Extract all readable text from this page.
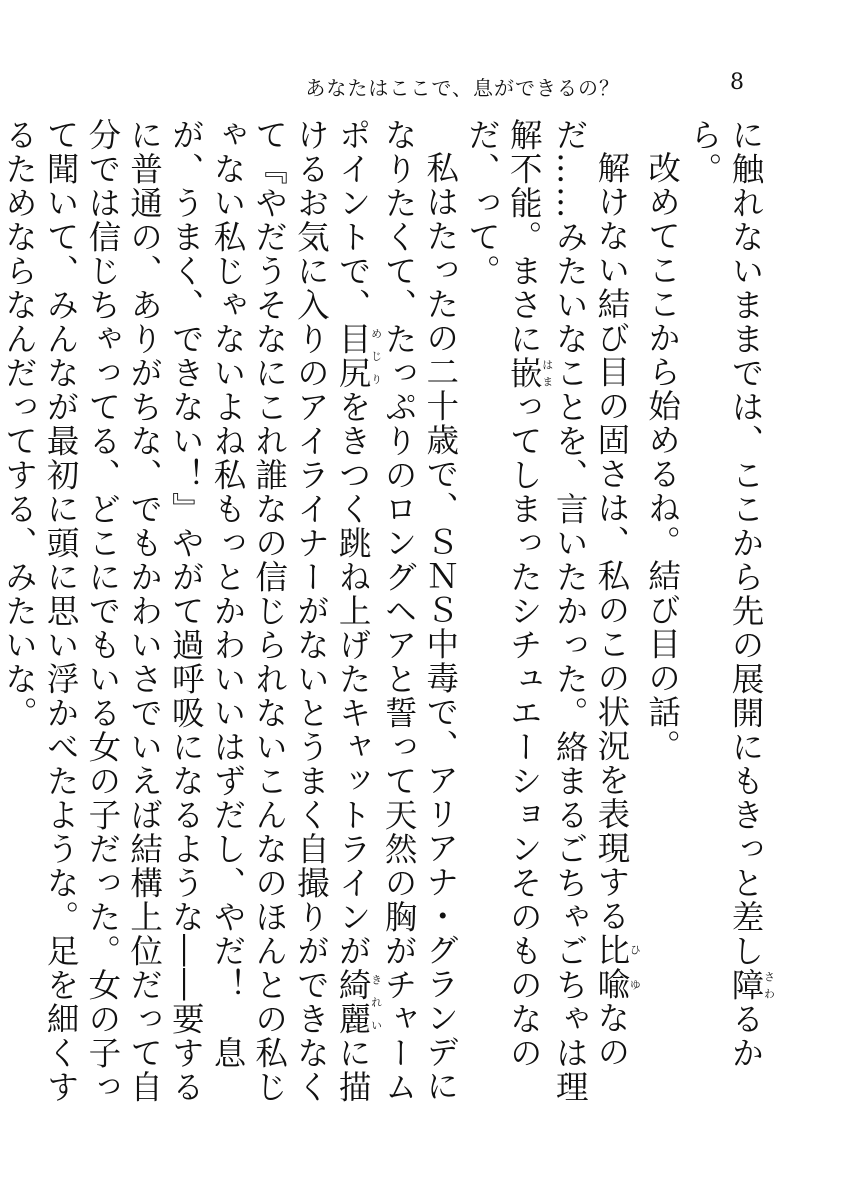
あなたはここで、息ができるの？	8

に触れないままでは、ここから先の展開にもきっと差し障さわるから。

改めてここから始めるね。結び目の話。

解けない結び目の固さは、私のこの状況を表現する比喩ひゆなのだ……みたいなことを、言いたかった。絡まるごちゃごちゃは理解不能。まさに嵌はまってしまったシチュエーションそのものなのだ、って。

私はたったの二十歳で、ＳＮＳ中毒で、アリアナ・グランデになりたくて、たっぷりのロングヘアと誓って天然の胸がチャームポイントで、目尻めじりをきつく跳ね上げたキャットラインが綺麗きれいに描けるお気に入りのアイライナーがないとうまく自撮りができなくて『やだうそなにこれ誰なの信じられないこんなのほんとの私じゃない私じゃないよね私もっとかわいいはずだし、やだ！　息が、うまく、できない！』やがて過呼吸になるような――要するに普通の、ありがちな、でもかわいさでいえば結構上位だって自分では信じちゃってる、どこにでもいる女の子だった。女の子って聞いて、みんなが最初に頭に思い浮かべたような。足を細くするためならなんだってする、みたいな。
